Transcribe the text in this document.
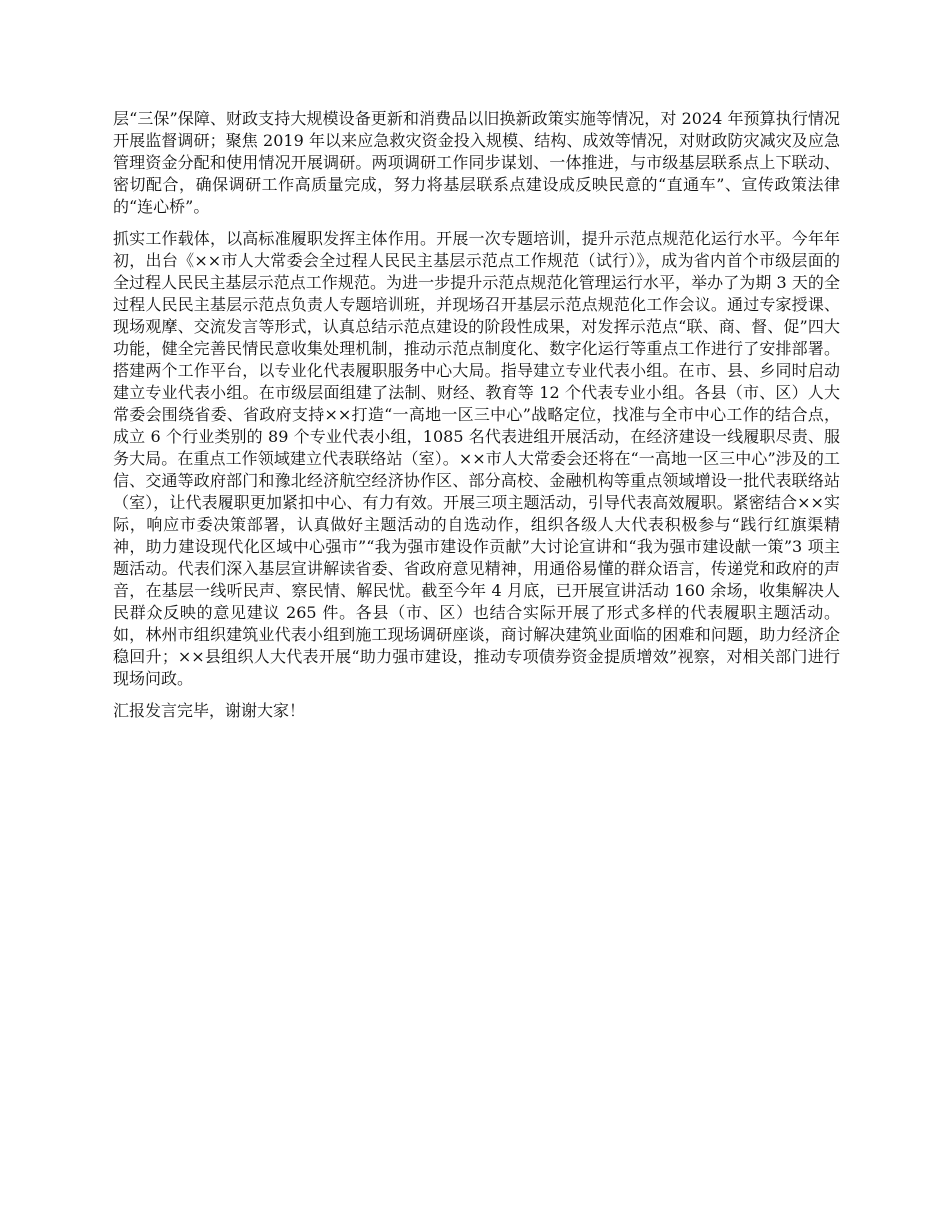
层“三保”保障、财政支持大规模设备更新和消费品以旧换新政策实施等情况，对 2024 年预算执行情况开展监督调研；聚焦 2019 年以来应急救灾资金投入规模、结构、成效等情况，对财政防灾减灾及应急管理资金分配和使用情况开展调研。两项调研工作同步谋划、一体推进，与市级基层联系点上下联动、密切配合，确保调研工作高质量完成，努力将基层联系点建设成反映民意的“直通车”、宣传政策法律的“连心桥”。

抓实工作载体，以高标准履职发挥主体作用。开展一次专题培训，提升示范点规范化运行水平。今年年初，出台《××市人大常委会全过程人民民主基层示范点工作规范（试行）》，成为省内首个市级层面的全过程人民民主基层示范点工作规范。为进一步提升示范点规范化管理运行水平，举办了为期 3 天的全过程人民民主基层示范点负责人专题培训班，并现场召开基层示范点规范化工作会议。通过专家授课、现场观摩、交流发言等形式，认真总结示范点建设的阶段性成果，对发挥示范点“联、商、督、促”四大功能，健全完善民情民意收集处理机制，推动示范点制度化、数字化运行等重点工作进行了安排部署。搭建两个工作平台，以专业化代表履职服务中心大局。指导建立专业代表小组。在市、县、乡同时启动建立专业代表小组。在市级层面组建了法制、财经、教育等 12 个代表专业小组。各县（市、区）人大常委会围绕省委、省政府支持××打造“一高地一区三中心”战略定位，找准与全市中心工作的结合点，成立 6 个行业类别的 89 个专业代表小组，1085 名代表进组开展活动，在经济建设一线履职尽责、服务大局。在重点工作领域建立代表联络站（室）。××市人大常委会还将在“一高地一区三中心”涉及的工信、交通等政府部门和豫北经济航空经济协作区、部分高校、金融机构等重点领域增设一批代表联络站（室），让代表履职更加紧扣中心、有力有效。开展三项主题活动，引导代表高效履职。紧密结合××实际，响应市委决策部署，认真做好主题活动的自选动作，组织各级人大代表积极参与“践行红旗渠精神，助力建设现代化区域中心强市”“我为强市建设作贡献”大讨论宣讲和“我为强市建设献一策”3 项主题活动。代表们深入基层宣讲解读省委、省政府意见精神，用通俗易懂的群众语言，传递党和政府的声音，在基层一线听民声、察民情、解民忧。截至今年 4 月底，已开展宣讲活动 160 余场，收集解决人民群众反映的意见建议 265 件。各县（市、区）也结合实际开展了形式多样的代表履职主题活动。如，林州市组织建筑业代表小组到施工现场调研座谈，商讨解决建筑业面临的困难和问题，助力经济企稳回升；××县组织人大代表开展“助力强市建设，推动专项债券资金提质增效”视察，对相关部门进行现场问政。

汇报发言完毕，谢谢大家！
